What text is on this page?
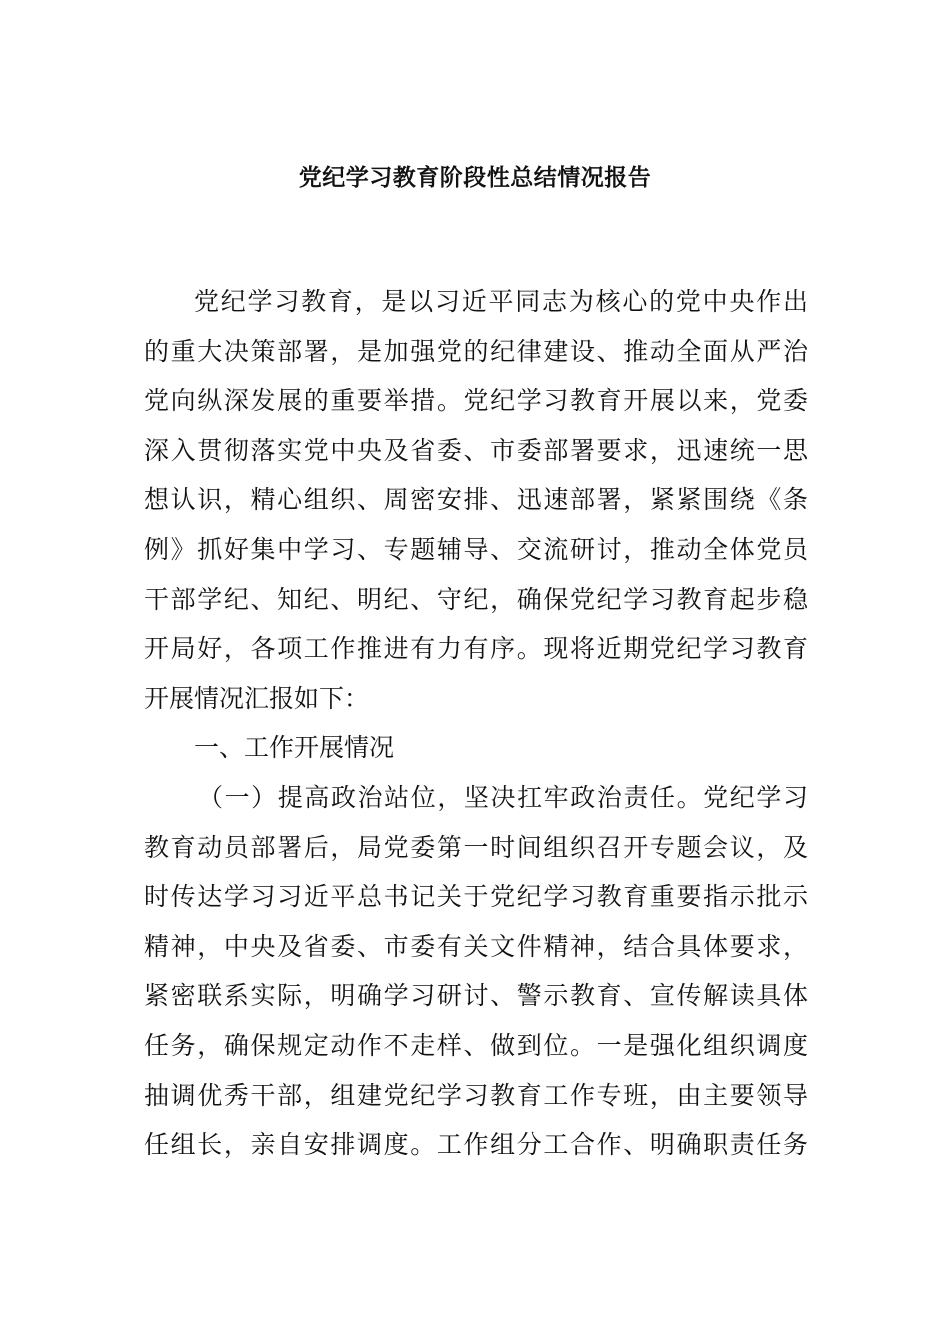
党纪学习教育阶段性总结情况报告
党纪学习教育，是以习近平同志为核心的党中央作出
的重大决策部署，是加强党的纪律建设、推动全面从严治
党向纵深发展的重要举措。党纪学习教育开展以来，党委
深入贯彻落实党中央及省委、市委部署要求，迅速统一思
想认识，精心组织、周密安排、迅速部署，紧紧围绕《条
例》抓好集中学习、专题辅导、交流研讨，推动全体党员
干部学纪、知纪、明纪、守纪，确保党纪学习教育起步稳
开局好，各项工作推进有力有序。现将近期党纪学习教育
开展情况汇报如下：
一、工作开展情况
（一）提高政治站位，坚决扛牢政治责任。党纪学习
教育动员部署后，局党委第一时间组织召开专题会议，及
时传达学习习近平总书记关于党纪学习教育重要指示批示
精神，中央及省委、市委有关文件精神，结合具体要求，
紧密联系实际，明确学习研讨、警示教育、宣传解读具体
任务，确保规定动作不走样、做到位。一是强化组织调度
抽调优秀干部，组建党纪学习教育工作专班，由主要领导
任组长，亲自安排调度。工作组分工合作、明确职责任务
